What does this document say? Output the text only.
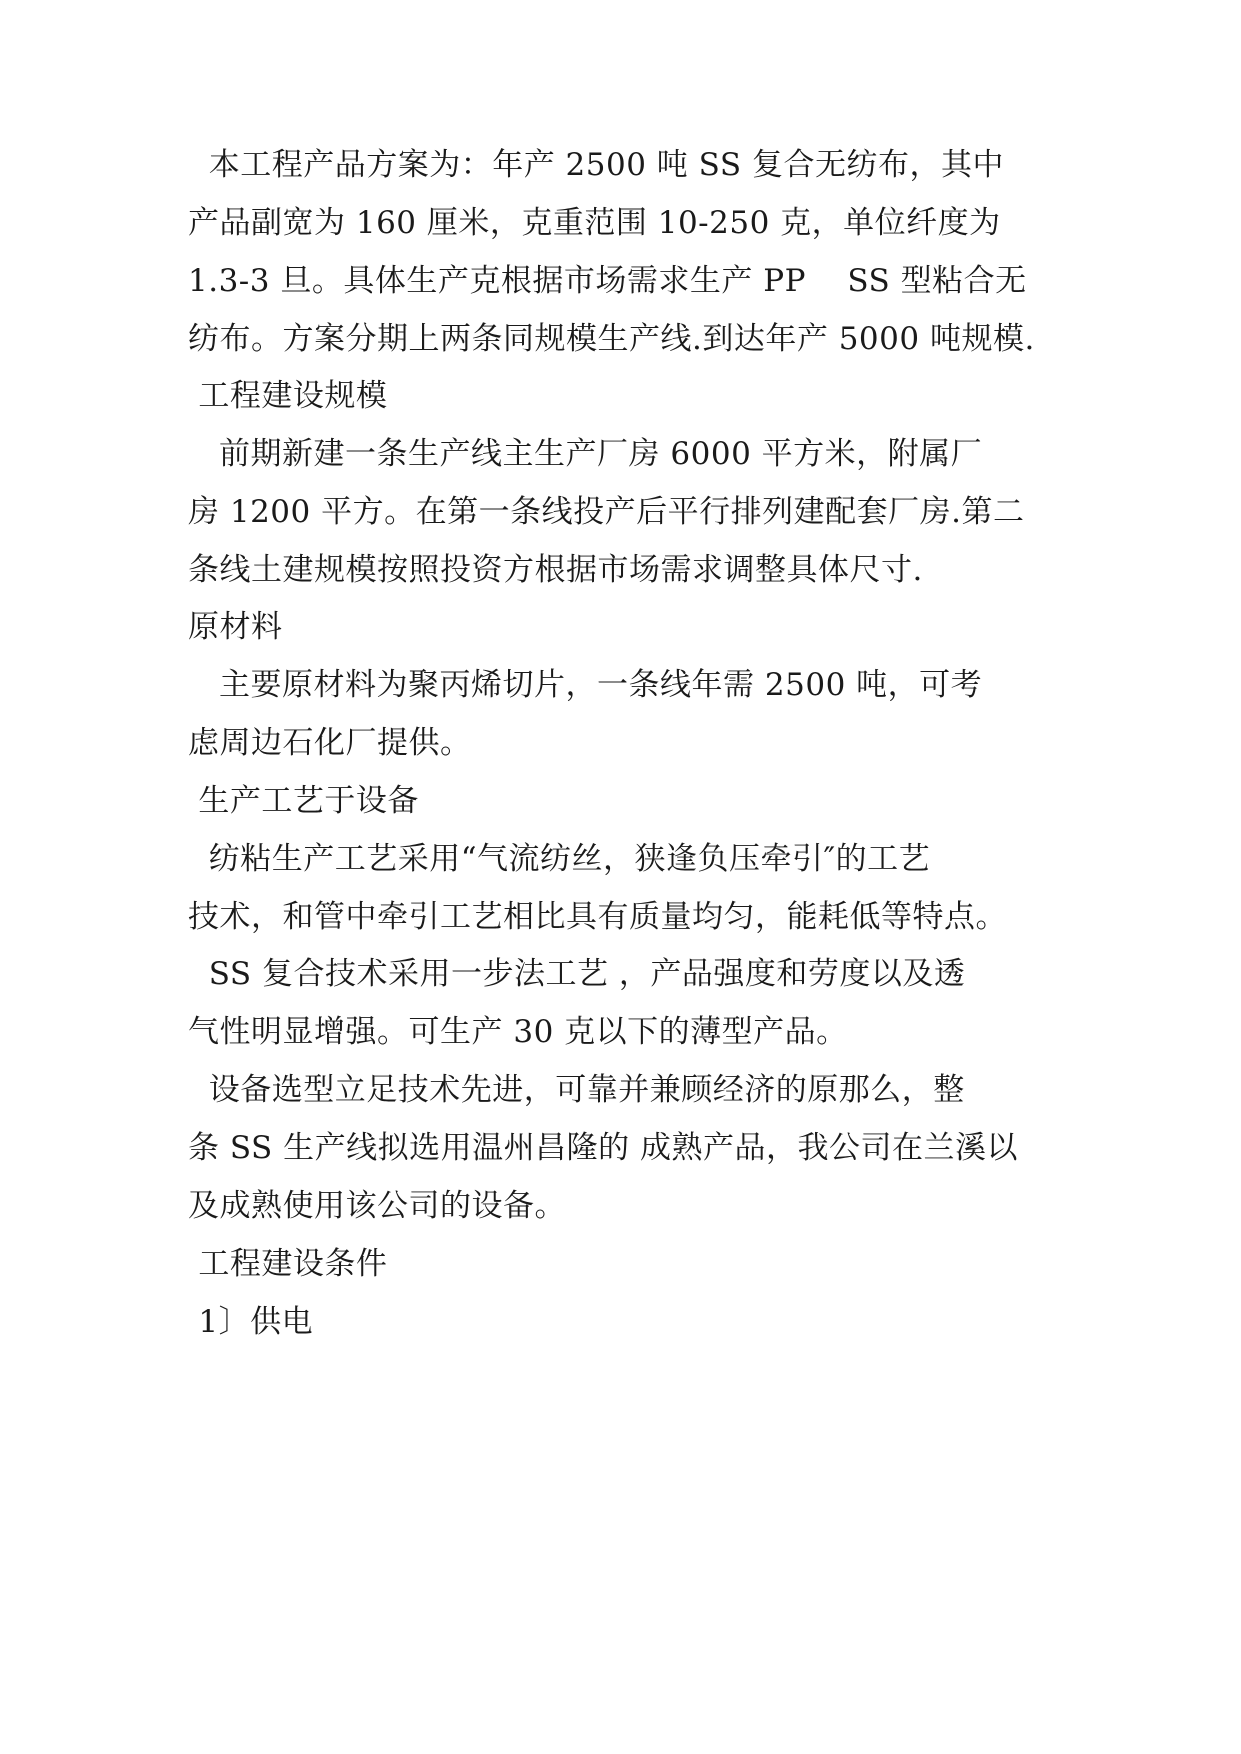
本工程产品方案为：年产 2500 吨 SS 复合无纺布，其中
产品副宽为 160 厘米，克重范围 10-250 克，单位纤度为
1.3-3 旦。具体生产克根据市场需求生产 PP    SS 型粘合无
纺布。方案分期上两条同规模生产线.到达年产 5000 吨规模.
工程建设规模
前期新建一条生产线主生产厂房 6000 平方米，附属厂
房 1200 平方。在第一条线投产后平行排列建配套厂房.第二
条线土建规模按照投资方根据市场需求调整具体尺寸.
原材料
主要原材料为聚丙烯切片，一条线年需 2500 吨，可考
虑周边石化厂提供。
生产工艺于设备
纺粘生产工艺采用“气流纺丝，狭逢负压牵引″的工艺
技术，和管中牵引工艺相比具有质量均匀，能耗低等特点。
SS 复合技术采用一步法工艺 ，产品强度和劳度以及透
气性明显增强。可生产 30 克以下的薄型产品。
设备选型立足技术先进，可靠并兼顾经济的原那么，整
条 SS 生产线拟选用温州昌隆的 成熟产品，我公司在兰溪以
及成熟使用该公司的设备。
工程建设条件
1〕供电
